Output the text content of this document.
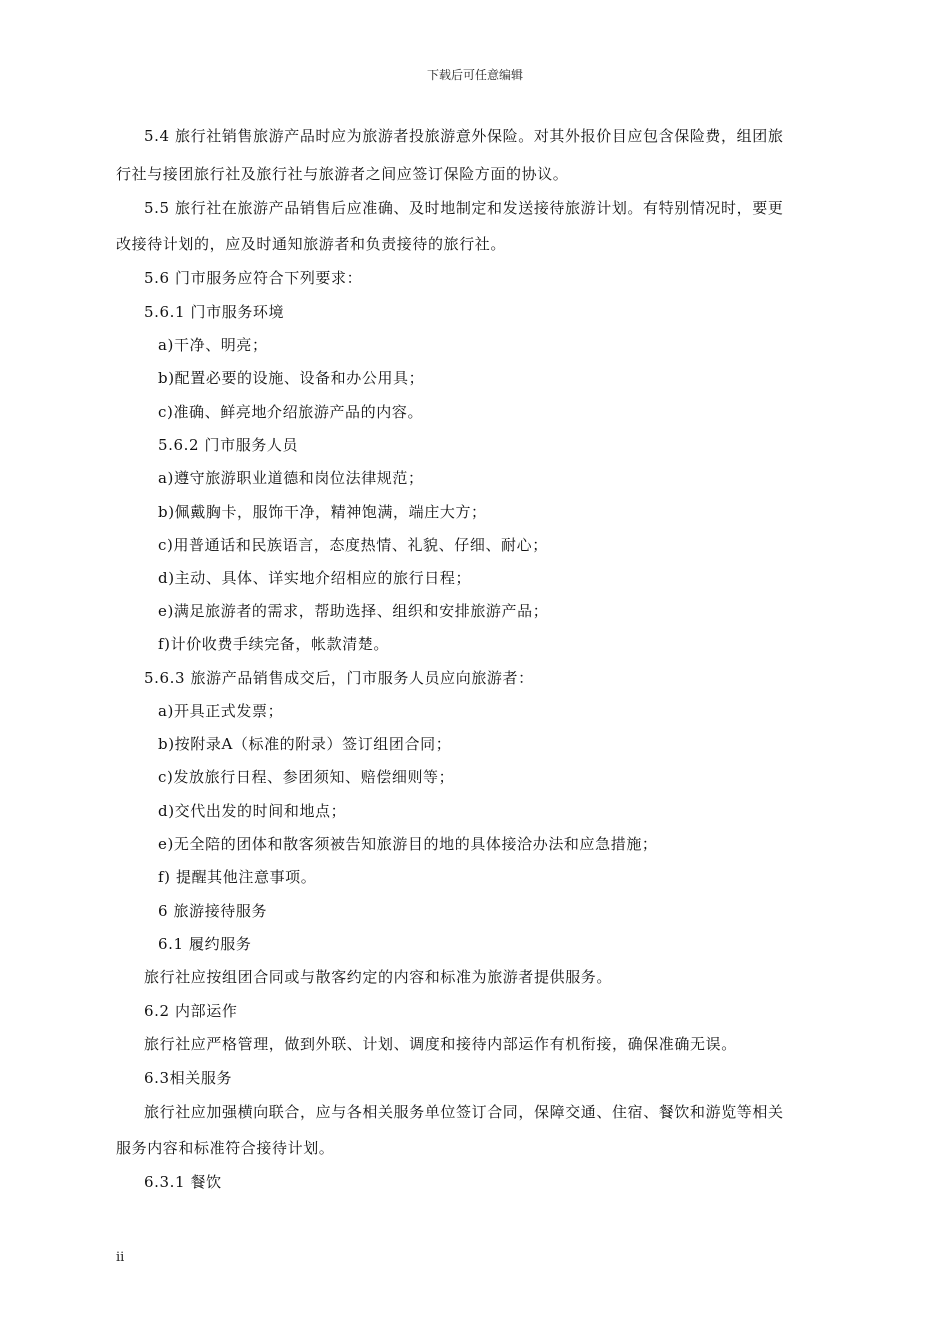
下载后可任意编辑
5.4 旅行社销售旅游产品时应为旅游者投旅游意外保险。对其外报价目应包含保险费，组团旅
行社与接团旅行社及旅行社与旅游者之间应签订保险方面的协议。
5.5 旅行社在旅游产品销售后应准确、及时地制定和发送接待旅游计划。有特别情况时，要更
改接待计划的，应及时通知旅游者和负责接待的旅行社。
5.6 门市服务应符合下列要求：
5.6.1 门市服务环境
a)干净、明亮；
b)配置必要的设施、设备和办公用具；
c)准确、鲜亮地介绍旅游产品的内容。
5.6.2 门市服务人员
a)遵守旅游职业道德和岗位法律规范；
b)佩戴胸卡，服饰干净，精神饱满，端庄大方；
c)用普通话和民族语言，态度热情、礼貌、仔细、耐心；
d)主动、具体、详实地介绍相应的旅行日程；
e)满足旅游者的需求，帮助选择、组织和安排旅游产品；
f)计价收费手续完备，帐款清楚。
5.6.3 旅游产品销售成交后，门市服务人员应向旅游者：
a)开具正式发票；
b)按附录A（标准的附录）签订组团合同；
c)发放旅行日程、参团须知、赔偿细则等；
d)交代出发的时间和地点；
e)无全陪的团体和散客须被告知旅游目的地的具体接洽办法和应急措施；
f) 提醒其他注意事项。
6 旅游接待服务
6.1 履约服务
旅行社应按组团合同或与散客约定的内容和标准为旅游者提供服务。
6.2 内部运作
旅行社应严格管理，做到外联、计划、调度和接待内部运作有机衔接，确保准确无误。
6.3相关服务
旅行社应加强横向联合，应与各相关服务单位签订合同，保障交通、住宿、餐饮和游览等相关
服务内容和标准符合接待计划。
6.3.1 餐饮
ii
